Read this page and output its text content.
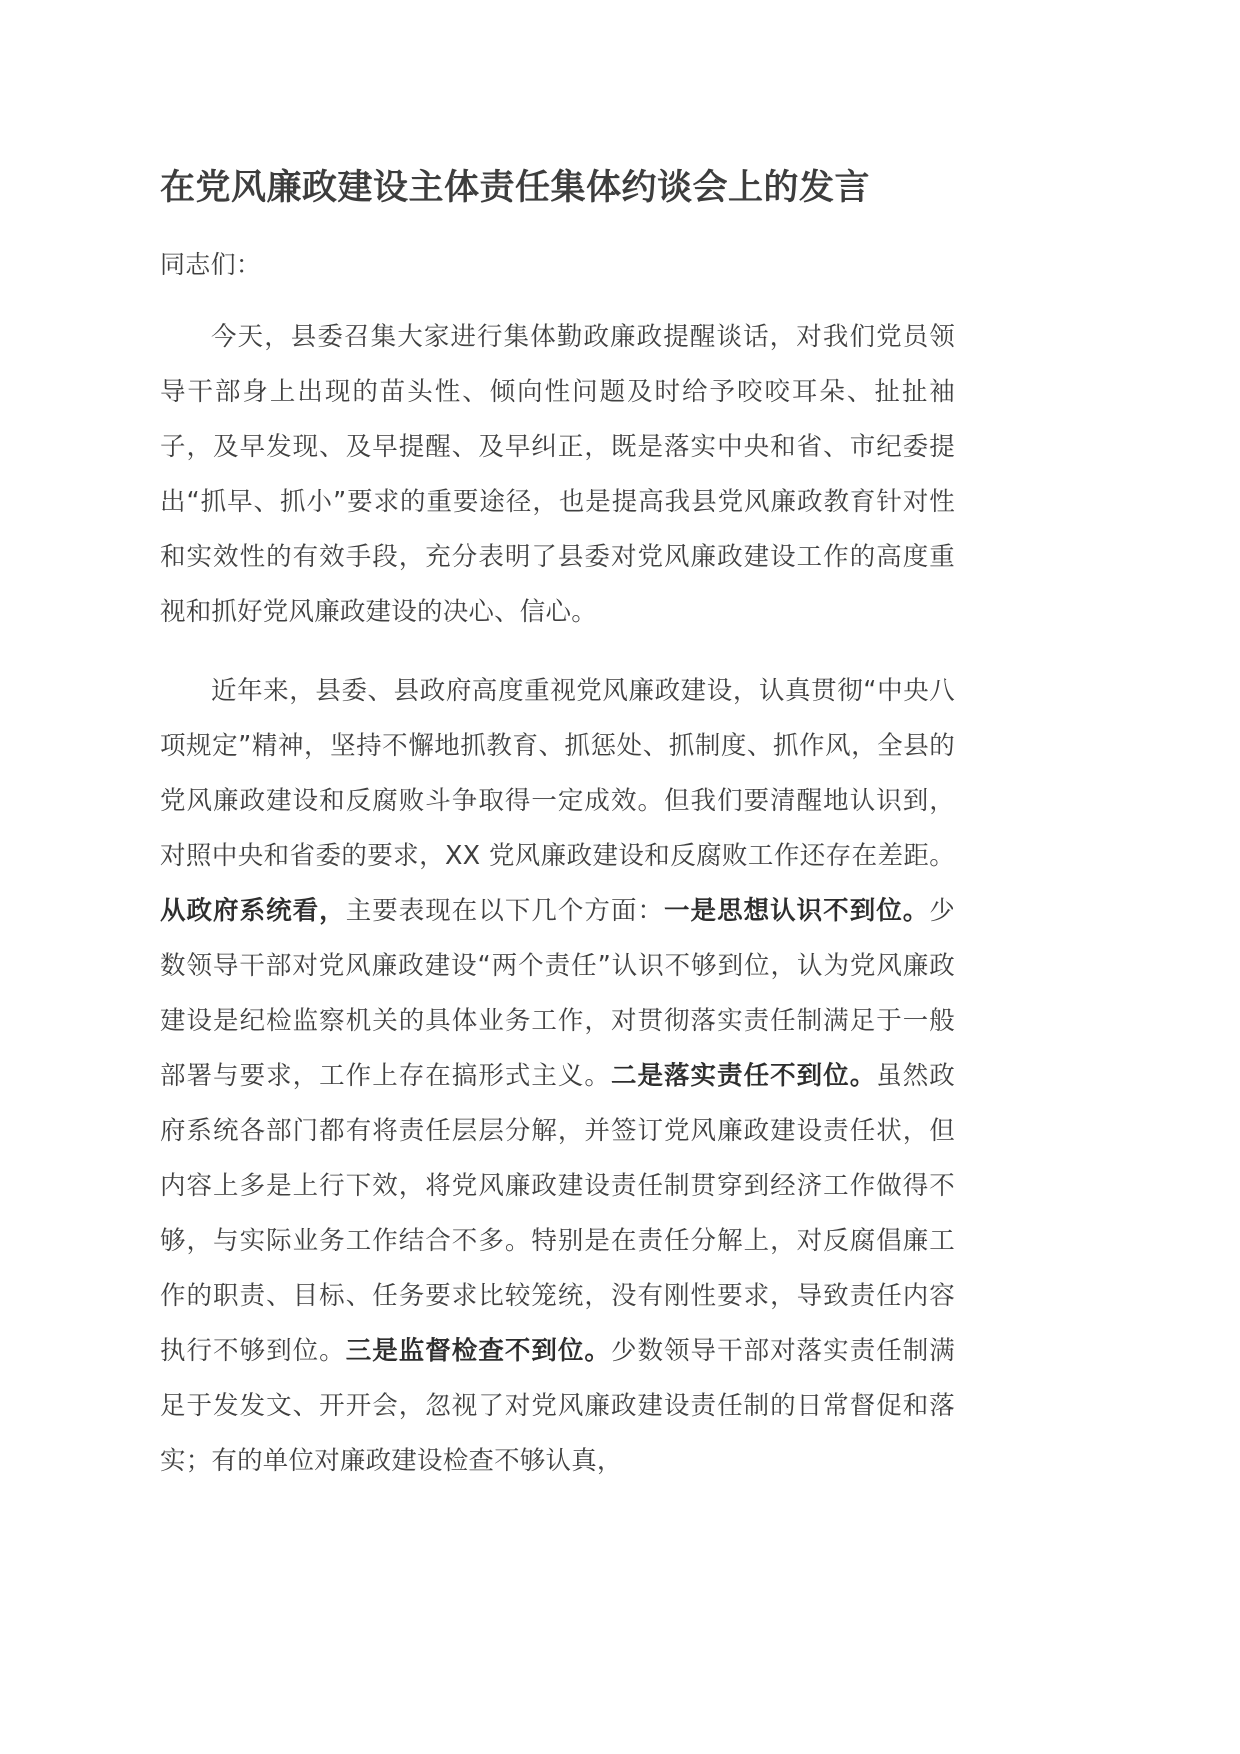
在党风廉政建设主体责任集体约谈会上的发言

同志们：

今天，县委召集大家进行集体勤政廉政提醒谈话，对我们党员领导干部身上出现的苗头性、倾向性问题及时给予咬咬耳朵、扯扯袖子，及早发现、及早提醒、及早纠正，既是落实中央和省、市纪委提出“抓早、抓小”要求的重要途径，也是提高我县党风廉政教育针对性和实效性的有效手段，充分表明了县委对党风廉政建设工作的高度重视和抓好党风廉政建设的决心、信心。

近年来，县委、县政府高度重视党风廉政建设，认真贯彻“中央八项规定”精神，坚持不懈地抓教育、抓惩处、抓制度、抓作风，全县的党风廉政建设和反腐败斗争取得一定成效。但我们要清醒地认识到，对照中央和省委的要求，XX 党风廉政建设和反腐败工作还存在差距。从政府系统看，主要表现在以下几个方面：一是思想认识不到位。少数领导干部对党风廉政建设“两个责任”认识不够到位，认为党风廉政建设是纪检监察机关的具体业务工作，对贯彻落实责任制满足于一般部署与要求，工作上存在搞形式主义。二是落实责任不到位。虽然政府系统各部门都有将责任层层分解，并签订党风廉政建设责任状，但内容上多是上行下效，将党风廉政建设责任制贯穿到经济工作做得不够，与实际业务工作结合不多。特别是在责任分解上，对反腐倡廉工作的职责、目标、任务要求比较笼统，没有刚性要求，导致责任内容执行不够到位。三是监督检查不到位。少数领导干部对落实责任制满足于发发文、开开会，忽视了对党风廉政建设责任制的日常督促和落实；有的单位对廉政建设检查不够认真，
